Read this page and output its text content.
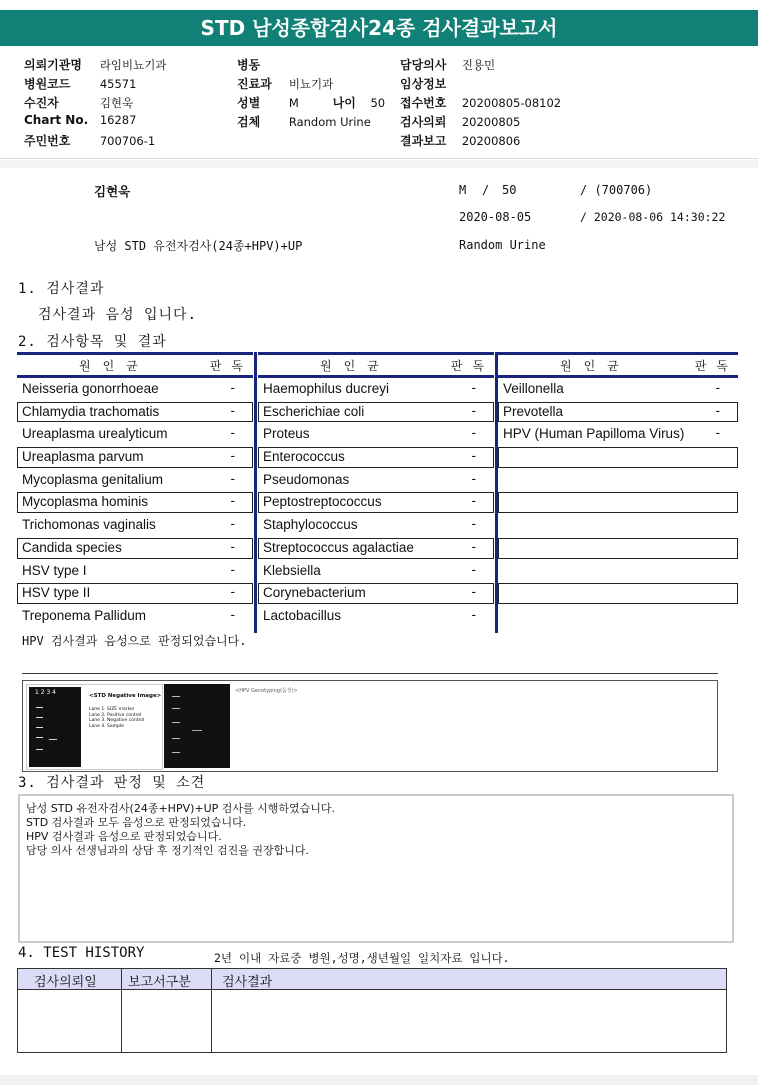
STD 남성종합검사24종 검사결과보고서
의뢰기관명 라임비뇨기과
병원코드	45571
수진자	김현욱
Chart No. 16287
주민번호	700706-1
병동
진료과 비뇨기과
성별 M	나이 50
검체 Random Urine
담당의사 진용민
임상정보
접수번호 20200805-08102
검사의뢰 20200805
결과보고 20200806
김현욱	M / 50	/ (700706)
2020-08-05	/ 2020-08-06 14:30:22
남성 STD 유전자검사(24종+HPV)+UP	Random Urine
1. 검사결과
검사결과 음성 입니다.
2. 검사항목 및 결과
원인균	판독
Neisseria gonorrhoeae	-
Chlamydia trachomatis	-
Ureaplasma urealyticum	-
Ureaplasma parvum	-
Mycoplasma genitalium	-
Mycoplasma hominis	-
Trichomonas vaginalis	-
Candida species	-
HSV type I	-
HSV type II	-
Treponema Pallidum	-
원인균	판독
Haemophilus ducreyi	-
Escherichiae coli	-
Proteus	-
Enterococcus	-
Pseudomonas	-
Peptostreptococcus	-
Staphylococcus	-
Streptococcus agalactiae	-
Klebsiella	-
Corynebacterium	-
Lactobacillus	-
원인균	판독
Veillonella	-
Prevotella	-
HPV (Human Papilloma Virus) -
HPV 검사결과 음성으로 판정되었습니다.
1 2 3 4	<STD Negative Image>
Lane 1. SIZE marker
Lane 2. Positive control
Lane 3. Negative control
Lane 4. Sample
<HPV Genotyping(음성)>
3. 검사결과 판정 및 소견
남성 STD 유전자검사(24종+HPV)+UP 검사를 시행하였습니다.
STD 검사결과 모두 음성으로 판정되었습니다.
HPV 검사결과 음성으로 판정되었습니다.
담당 의사 선생님과의 상담 후 정기적인 검진을 권장합니다.
4. TEST HISTORY	2년 이내 자료중 병원,성명,생년월일 일치자료 입니다.
검사의뢰일 보고서구분 검사결과
